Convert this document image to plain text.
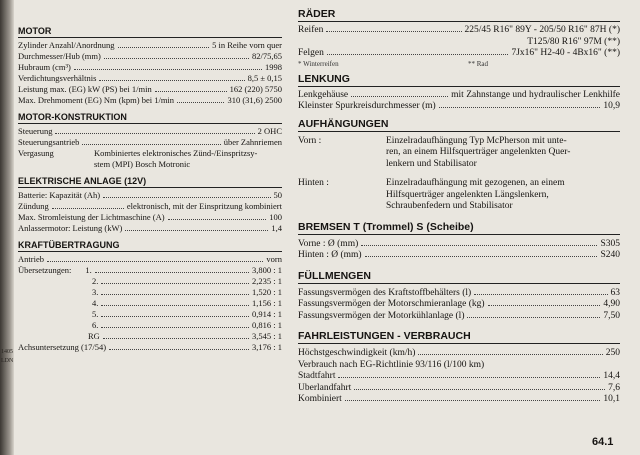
1405 LDN
MOTOR
Zylinder Anzahl/Anordnung	5 in Reihe vorn quer
Durchmesser/Hub (mm)	82/75,65
Hubraum (cm³)	1998
Verdichtungsverhältnis	8,5 ± 0,15
Leistung max. (EG) kW (PS) bei 1/min	162 (220) 5750
Max. Drehmoment (EG) Nm (kpm) bei 1/min	310 (31,6) 2500
MOTOR-KONSTRUKTION
Steuerung	2 OHC
Steuerungsantrieb	über Zahnriemen
Vergasung	Kombiniertes elektronisches Zünd-/Einspritzsy-
stem (MPI) Bosch Motronic
ELEKTRISCHE ANLAGE (12V)
Batterie: Kapazität (Ah)	50
Zündung	elektronisch, mit der Einspritzung kombiniert
Max. Stromleistung der Lichtmaschine (A)	100
Anlassermotor: Leistung (kW)	1,4
KRAFTÜBERTRAGUNG
Antrieb	vorn
Übersetzungen:	1.	3,800 : 1
2.	2,235 : 1
3.	1,520 : 1
4.	1,156 : 1
5.	0,914 : 1
6.	0,816 : 1
RG	3,545 : 1
Achsuntersetzung (17/54)	3,176 : 1
RÄDER
Reifen	225/45 R16" 89Y - 205/50 R16" 87H (*)
T125/80 R16" 97M (**)
Felgen	7Jx16" H2-40 - 4Bx16" (**)
* Winterreifen	** Rad
LENKUNG
Lenkgehäuse	mit Zahnstange und hydraulischer Lenkhilfe
Kleinster Spurkreisdurchmesser (m)	10,9
AUFHÄNGUNGEN
Vorn :	Einzelradaufhängung Typ McPherson mit unte-
ren, an einem Hilfsquerträger angelenkten Quer-
lenkern und Stabilisator
Hinten :	Einzelradaufhängung mit gezogenen, an einem
Hilfsquerträger angelenkten Längslenkern,
Schraubenfedern und Stabilisator
BREMSEN T (Trommel) S (Scheibe)
Vorne : Ø (mm)	S305
Hinten : Ø (mm)	S240
FÜLLMENGEN
Fassungsvermögen des Kraftstoffbehälters (l)	63
Fassungsvermögen der Motorschmieranlage (kg)	4,90
Fassungsvermögen der Motorkühlanlage (l)	7,50
FAHRLEISTUNGEN - VERBRAUCH
Höchstgeschwindigkeit (km/h)	250
Verbrauch nach EG-Richtlinie 93/116 (l/100 km)
Stadtfahrt	14,4
Überlandfahrt	7,6
Kombiniert	10,1
64.1
